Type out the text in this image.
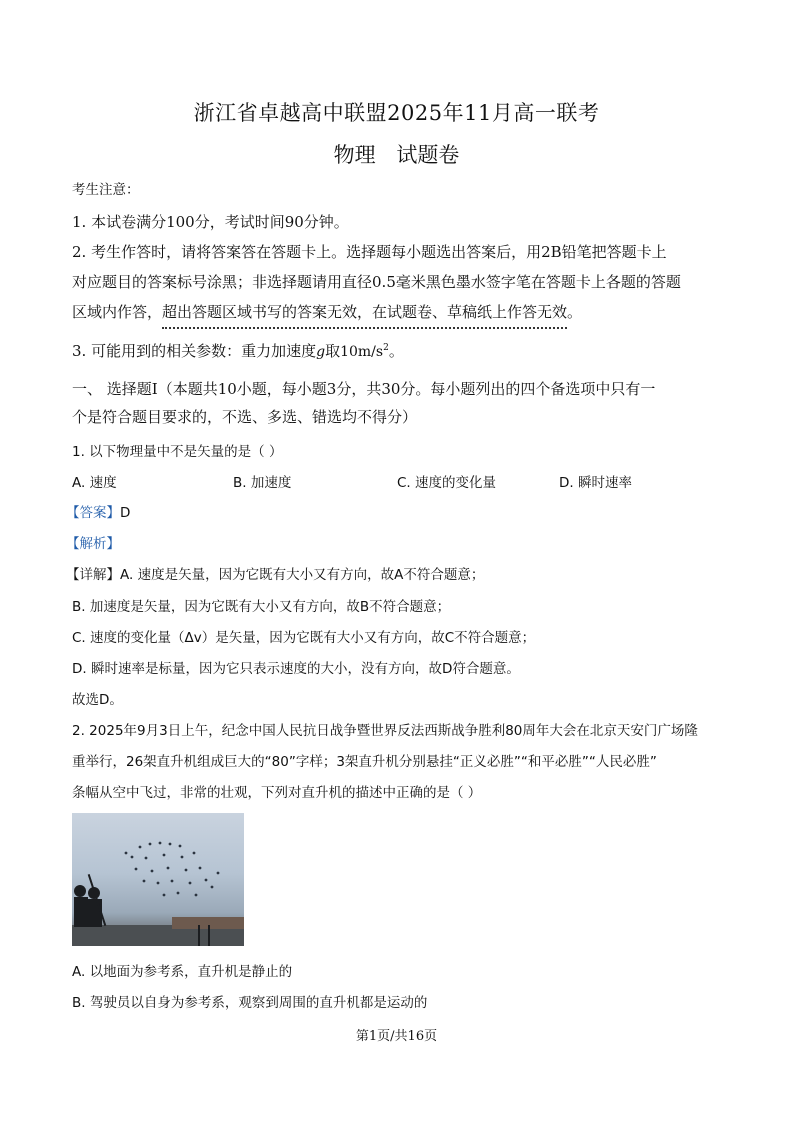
浙江省卓越高中联盟2025年11月高一联考
物理 试题卷
考生注意：
1. 本试卷满分100分，考试时间90分钟。
2. 考生作答时，请将答案答在答题卡上。选择题每小题选出答案后，用2B铅笔把答题卡上
对应题目的答案标号涂黑；非选择题请用直径0.5毫米黑色墨水签字笔在答题卡上各题的答题
区域内作答，超出答题区域书写的答案无效，在试题卷、草稿纸上作答无效。
3. 可能用到的相关参数：重力加速度g取$10m/s^2$。
一、 选择题Ⅰ（本题共10小题，每小题3分，共30分。每小题列出的四个备选项中只有一
个是符合题目要求的，不选、多选、错选均不得分）
1. 以下物理量中不是矢量的是（ ）
A. 速度	B. 加速度	C. 速度的变化量	D. 瞬时速率
【答案】D
【解析】
【详解】A. 速度是矢量，因为它既有大小又有方向，故A不符合题意；
B. 加速度是矢量，因为它既有大小又有方向，故B不符合题意；
C. 速度的变化量（Δv）是矢量，因为它既有大小又有方向，故C不符合题意；
D. 瞬时速率是标量，因为它只表示速度的大小，没有方向，故D符合题意。
故选D。
2. 2025年9月3日上午，纪念中国人民抗日战争暨世界反法西斯战争胜利80周年大会在北京天安门广场隆
重举行，26架直升机组成巨大的“80”字样；3架直升机分别悬挂“正义必胜”“和平必胜”“人民必胜”
条幅从空中飞过，非常的壮观，下列对直升机的描述中正确的是（ ）
A. 以地面为参考系，直升机是静止的
B. 驾驶员以自身为参考系，观察到周围的直升机都是运动的
第1页/共16页
